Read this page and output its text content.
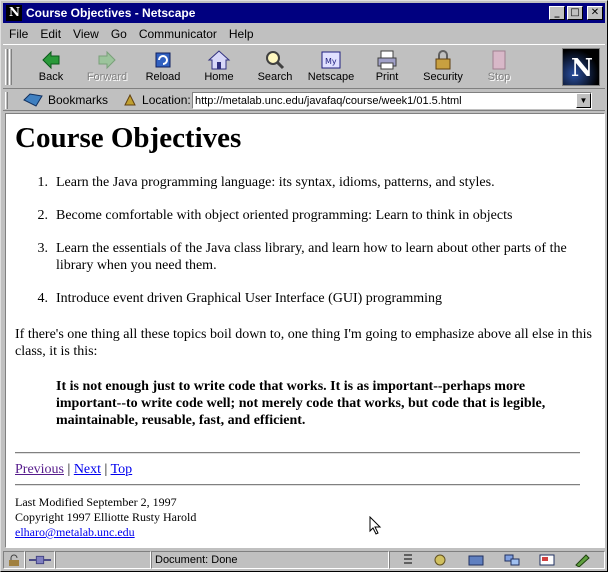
N
Course Objectives - Netscape	_	□	✕
File	Edit	View	Go	Communicator	Help
Back Forward Reload Home Search
My
Netscape Print Security Stop	N
Bookmarks	Location: http://metalab.unc.edu/javafaq/course/week1/01.5.html	▼
Course Objectives
1. Learn the Java programming language: its syntax, idioms, patterns, and styles.
2. Become comfortable with object oriented programming: Learn to think in objects
3. Learn the essentials of the Java class library, and learn how to learn about other parts of the library when you need them.
4. Introduce event driven Graphical User Interface (GUI) programming

If there's one thing all these topics boil down to, one thing I'm going to emphasize above all else in this class, it is this:

It is not enough just to write code that works. It is as important--perhaps more important--to write code well; not merely code that works, but code that is legible, maintainable, reusable, fast, and efficient.

Previous | Next | Top
Last Modified September 2, 1997
Copyright 1997 Elliotte Rusty Harold
elharo@metalab.unc.edu
Document: Done
